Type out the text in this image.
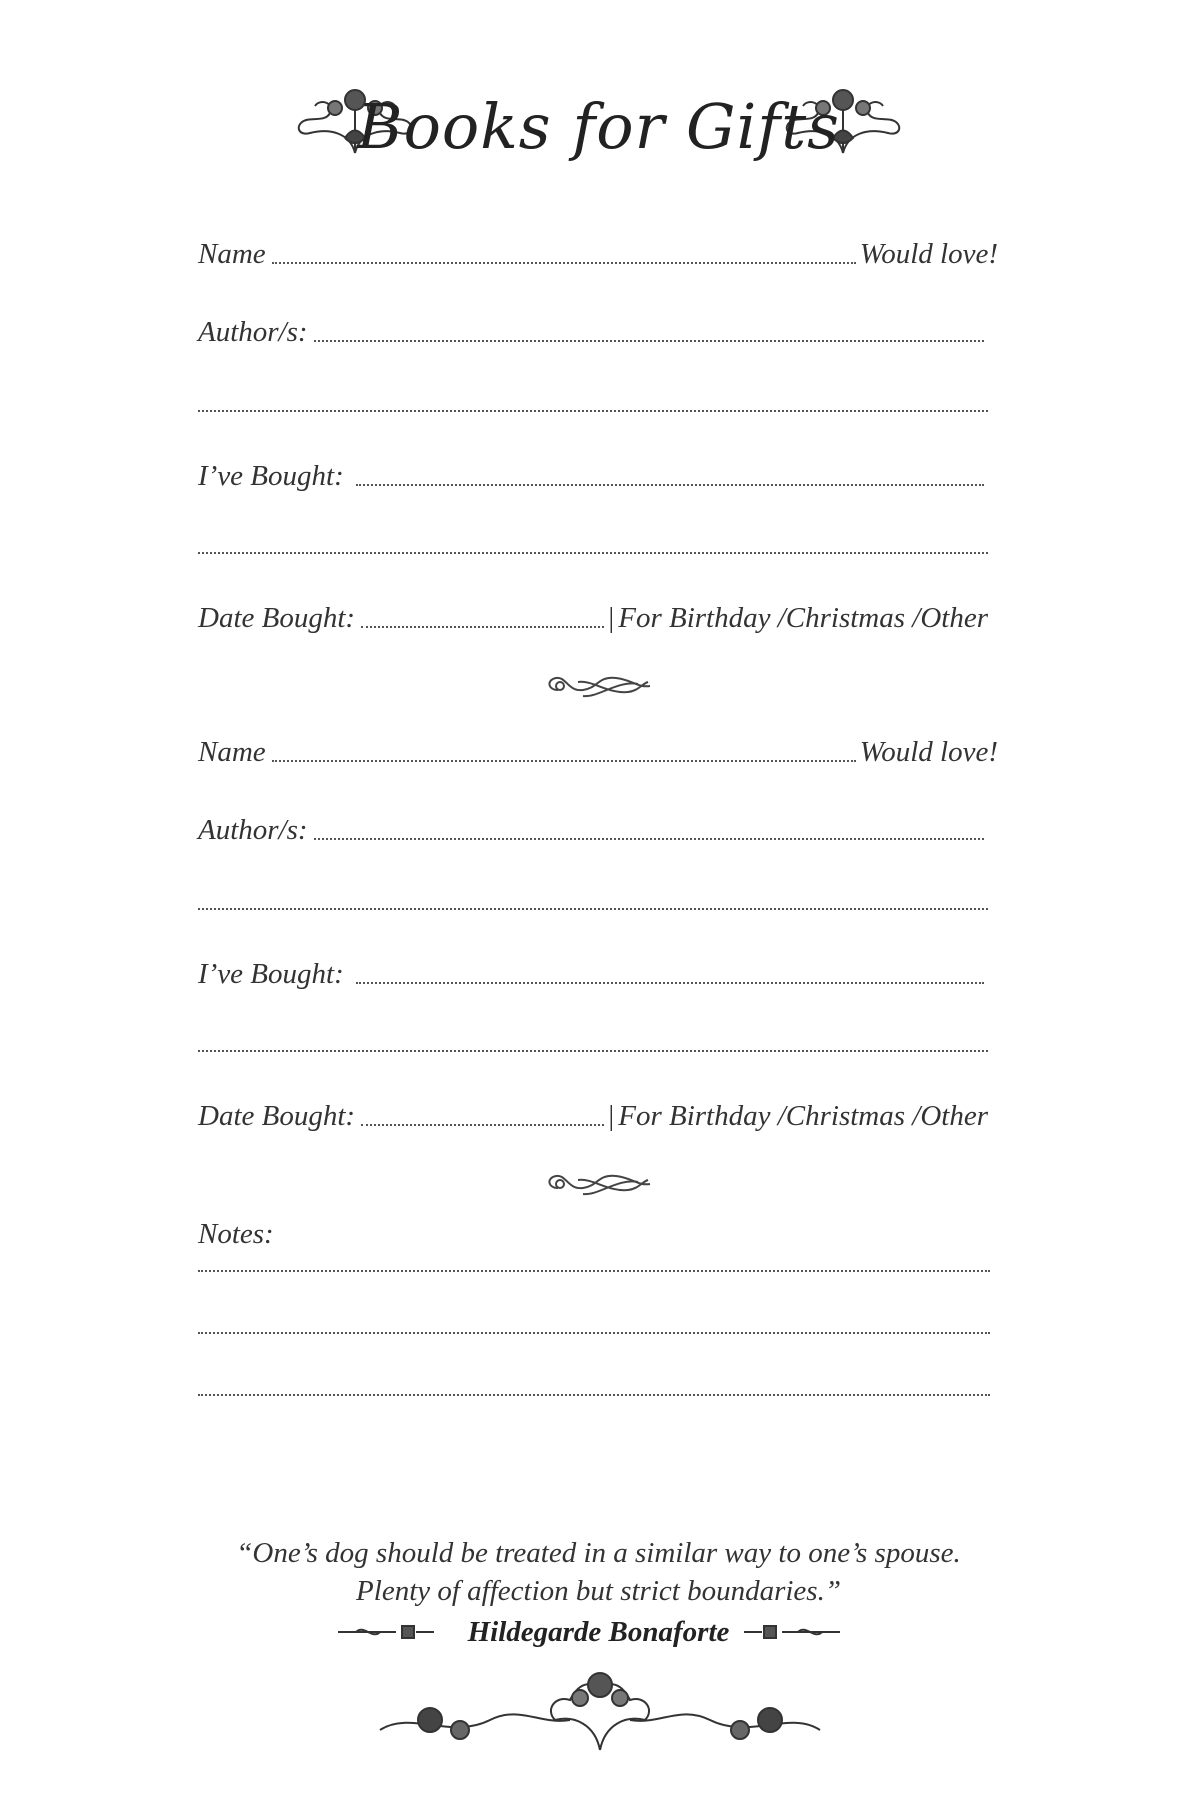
Books for Gifts
Name	Would love!
Author/s:
I’ve Bought:
Date Bought:	| For Birthday /Christmas /Other
Name	Would love!
Author/s:
I’ve Bought:
Date Bought:	| For Birthday /Christmas /Other
Notes:
“One’s dog should be treated in a similar way to one’s spouse.
Plenty of affection but strict boundaries.”
Hildegarde Bonaforte
